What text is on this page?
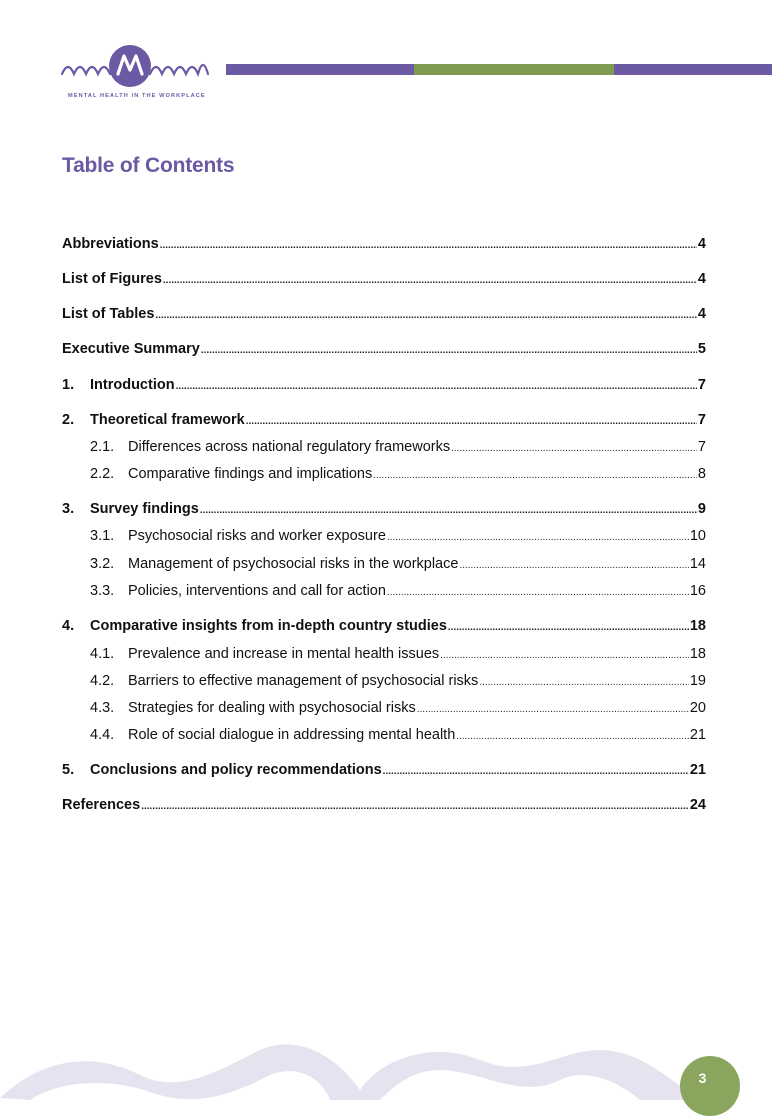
MENTAL HEALTH IN THE WORKPLACE
Table of Contents
Abbreviations .....	4
List of Figures .....	4
List of Tables .....	4
Executive Summary .....	5
1.	Introduction .....	7
2.	Theoretical framework .....	7
2.1. Differences across national regulatory frameworks .....	7
2.2. Comparative findings and implications .....	8
3.	Survey findings .....	9
3.1. Psychosocial risks and worker exposure .....	10
3.2. Management of psychosocial risks in the workplace .....	14
3.3. Policies, interventions and call for action .....	16
4.	Comparative insights from in-depth country studies .....	18
4.1. Prevalence and increase in mental health issues .....	18
4.2. Barriers to effective management of psychosocial risks .....	19
4.3. Strategies for dealing with psychosocial risks .....	20
4.4. Role of social dialogue in addressing mental health .....	21
5.	Conclusions and policy recommendations .....	21
References .....	24
3
